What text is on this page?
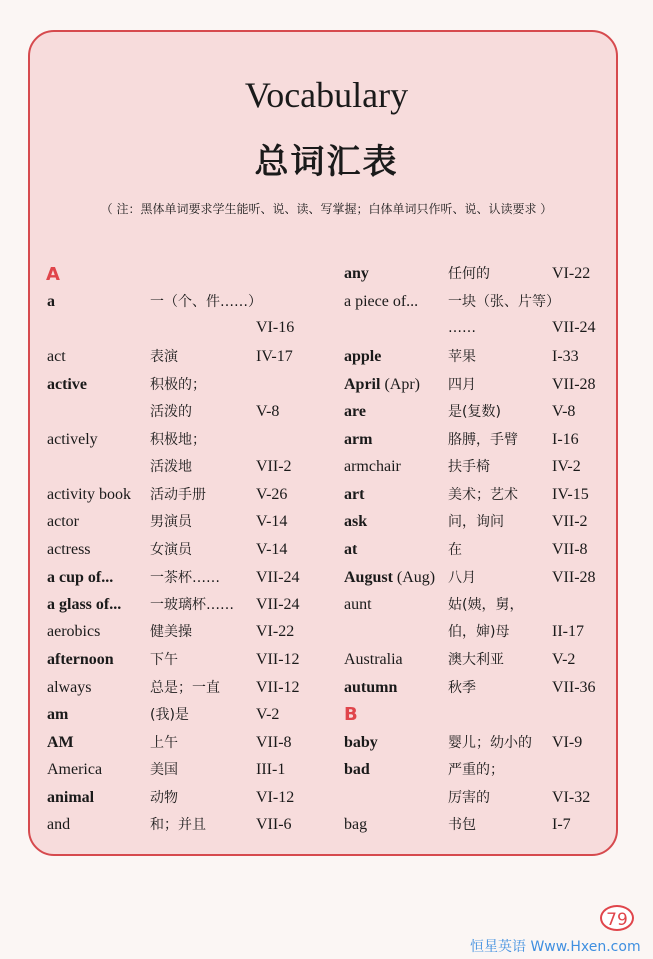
Vocabulary
总词汇表
（ 注：黑体单词要求学生能听、说、读、写掌握；白体单词只作听、说、认读要求 ）
A
B
a	一（个、件……）
VI-16
act	表演	IV-17
active	积极的；
活泼的	V-8
actively	积极地；
活泼地	VII-2
activity book 活动手册	V-26
actor	男演员	V-14
actress	女演员	V-14
a cup of...	一茶杯…… VII-24
a glass of... 一玻璃杯…… VII-24
aerobics	健美操	VI-22
afternoon	下午	VII-12
always	总是；一直 VII-12
am	(我)是	V-2
AM	上午	VII-8
America	美国	III-1
animal	动物	VI-12
and	和；并且	VII-6
any	任何的	VI-22
a piece of... 一块（张、片等）
……	VII-24
apple	苹果	I-33
April (Apr) 四月	VII-28
are	是(复数)	V-8
arm	胳膊，手臂 I-16
armchair	扶手椅	IV-2
art	美术；艺术 IV-15
ask	问，询问	VII-2
at	在	VII-8
August (Aug) 八月	VII-28
aunt	姑(姨，舅，
伯，婶)母	II-17
Australia	澳大利亚	V-2
autumn	秋季	VII-36
baby	婴儿；幼小的 VI-9
bad	严重的；
厉害的	VI-32
bag	书包	I-7
79
恒星英语 Www.Hxen.com
